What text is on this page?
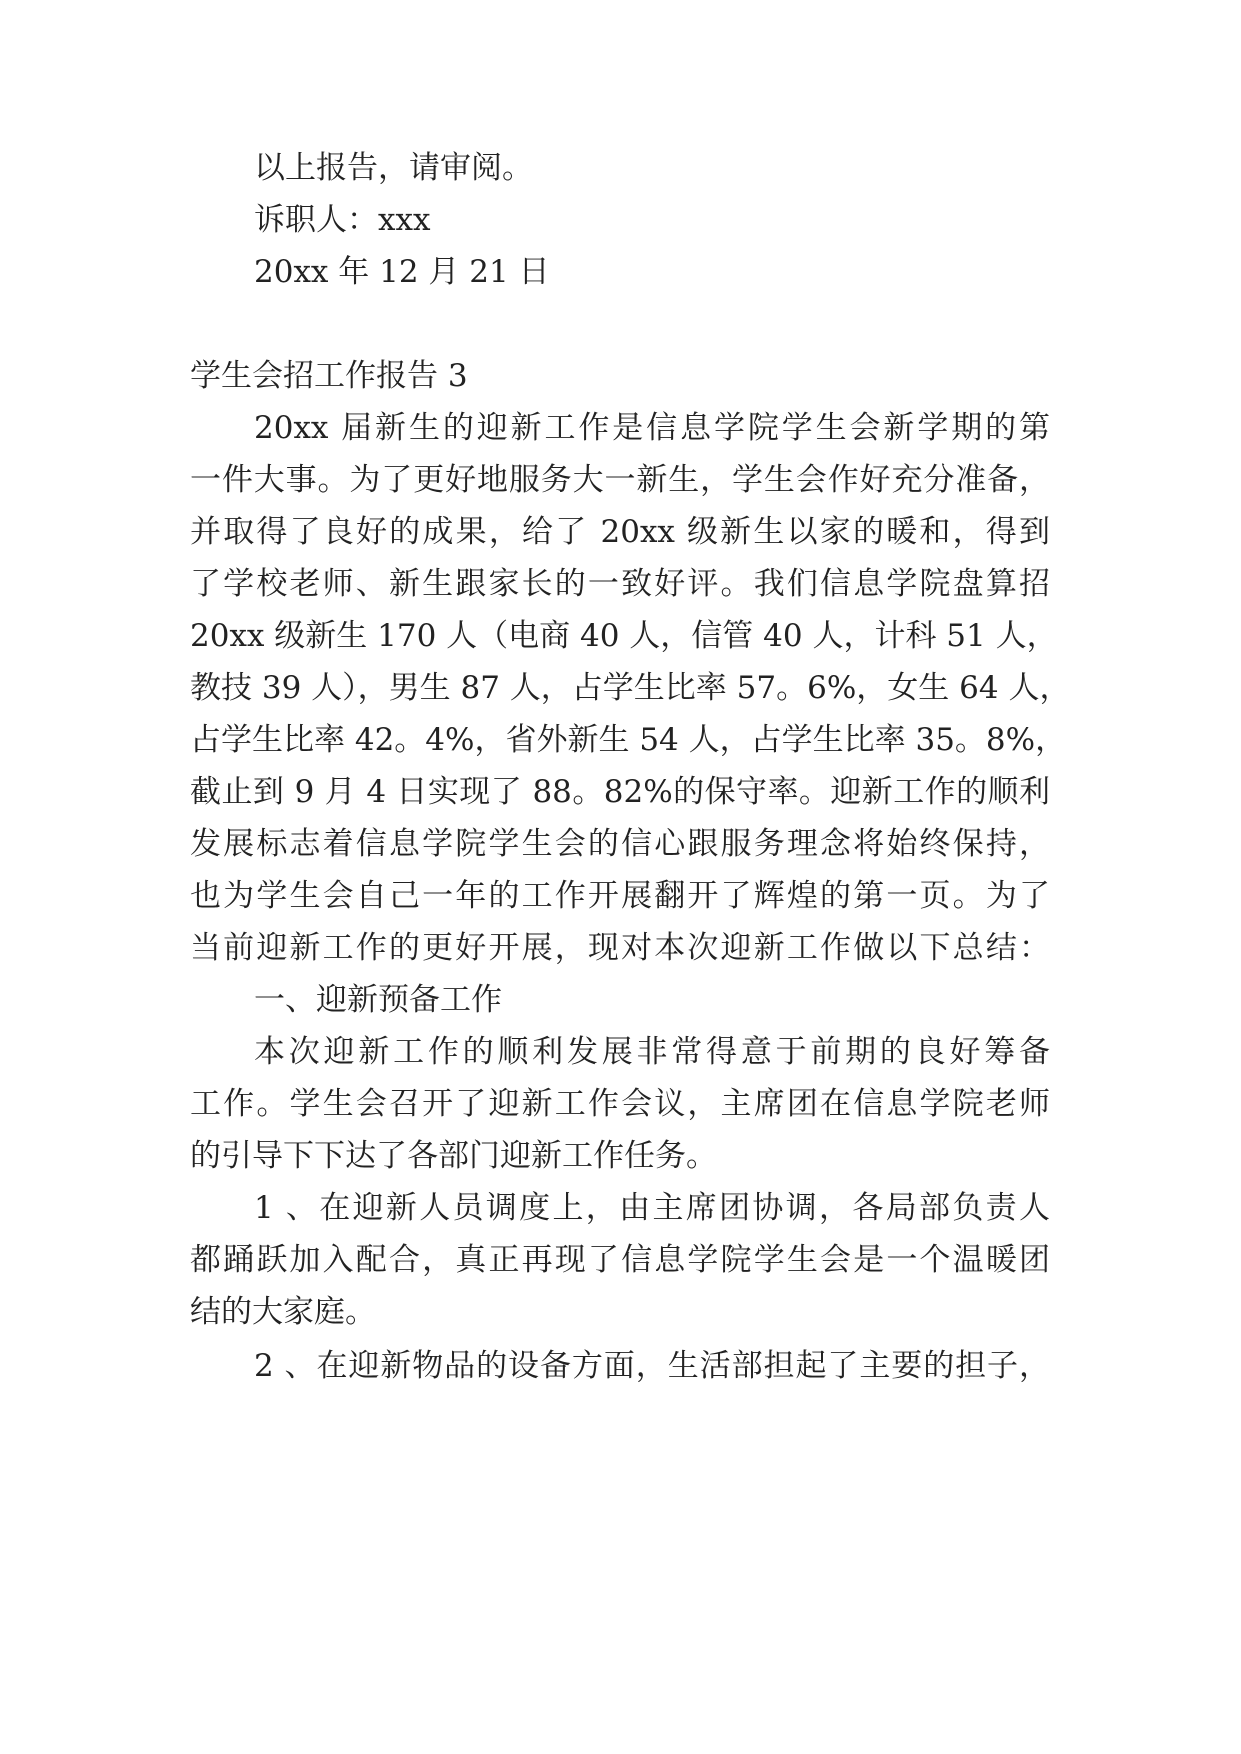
以上报告，请审阅。
诉职人：xxx
20xx 年 12 月 21 日
学生会招工作报告 3
20xx 届新生的迎新工作是信息学院学生会新学期的第
一件大事。为了更好地服务大一新生，学生会作好充分准备，
并取得了良好的成果，给了 20xx 级新生以家的暖和，得到
了学校老师、新生跟家长的一致好评。我们信息学院盘算招
20xx 级新生 170 人（电商 40 人，信管 40 人，计科 51 人，
教技 39 人），男生 87 人，占学生比率 57。6%，女生 64 人，
占学生比率 42。4%，省外新生 54 人，占学生比率 35。8%，
截止到 9 月 4 日实现了 88。82%的保守率。迎新工作的顺利
发展标志着信息学院学生会的信心跟服务理念将始终保持，
也为学生会自己一年的工作开展翻开了辉煌的第一页。为了
当前迎新工作的更好开展，现对本次迎新工作做以下总结：
一、迎新预备工作
本次迎新工作的顺利发展非常得意于前期的良好筹备
工作。学生会召开了迎新工作会议，主席团在信息学院老师
的引导下下达了各部门迎新工作任务。
1 、在迎新人员调度上，由主席团协调，各局部负责人
都踊跃加入配合，真正再现了信息学院学生会是一个温暖团
结的大家庭。
2 、在迎新物品的设备方面，生活部担起了主要的担子，
